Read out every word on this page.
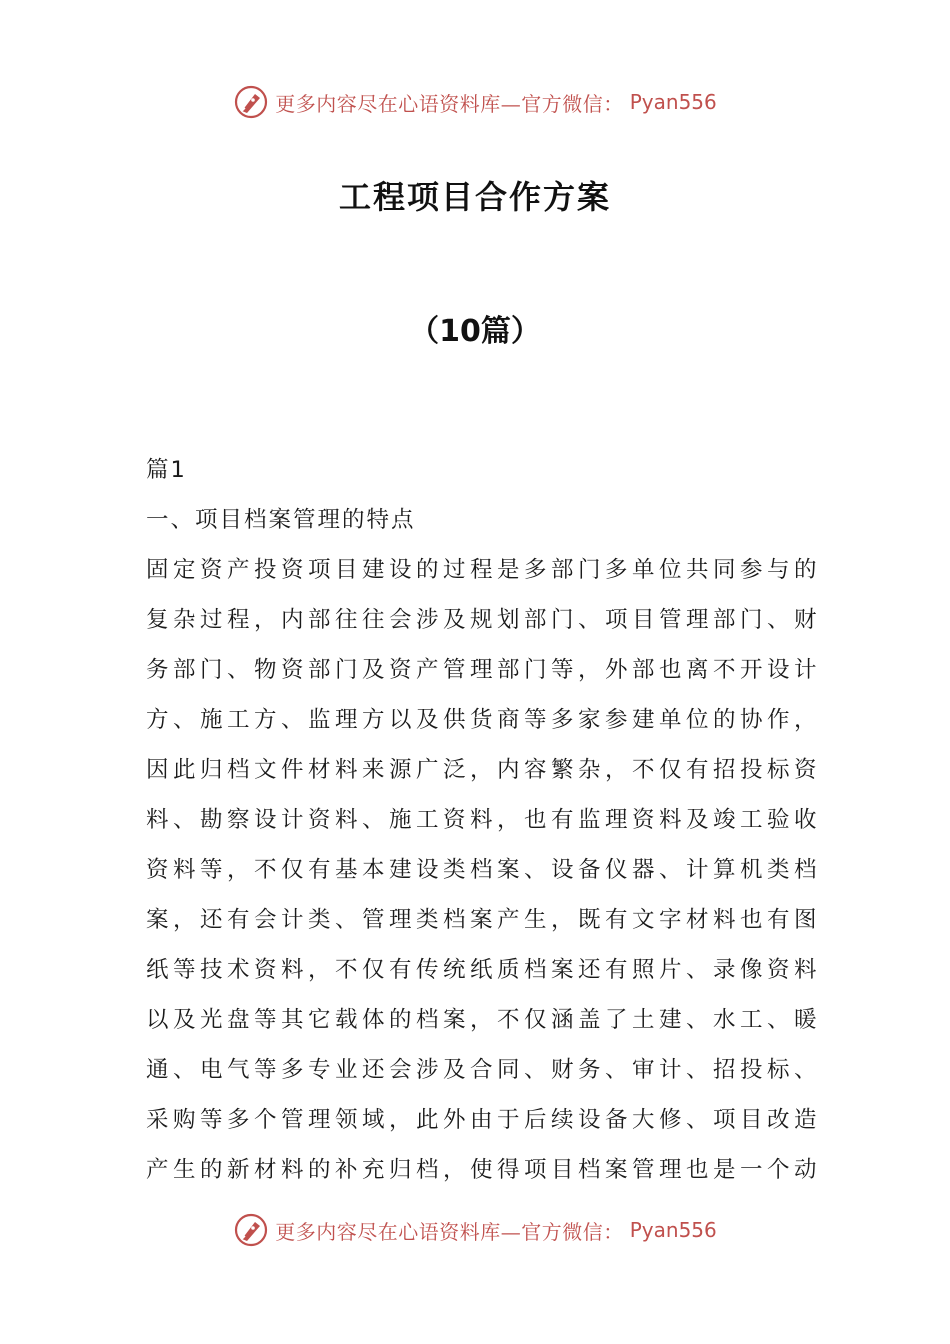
更多内容尽在心语资料库—官方微信： Pyan556
工程项目合作方案
（10篇）
篇1
一、项目档案管理的特点
固定资产投资项目建设的过程是多部门多单位共同参与的
复杂过程，内部往往会涉及规划部门、项目管理部门、财
务部门、物资部门及资产管理部门等，外部也离不开设计
方、施工方、监理方以及供货商等多家参建单位的协作，
因此归档文件材料来源广泛，内容繁杂，不仅有招投标资
料、勘察设计资料、施工资料，也有监理资料及竣工验收
资料等，不仅有基本建设类档案、设备仪器、计算机类档
案，还有会计类、管理类档案产生，既有文字材料也有图
纸等技术资料，不仅有传统纸质档案还有照片、录像资料
以及光盘等其它载体的档案，不仅涵盖了土建、水工、暖
通、电气等多专业还会涉及合同、财务、审计、招投标、
采购等多个管理领域，此外由于后续设备大修、项目改造
产生的新材料的补充归档，使得项目档案管理也是一个动
更多内容尽在心语资料库—官方微信： Pyan556
